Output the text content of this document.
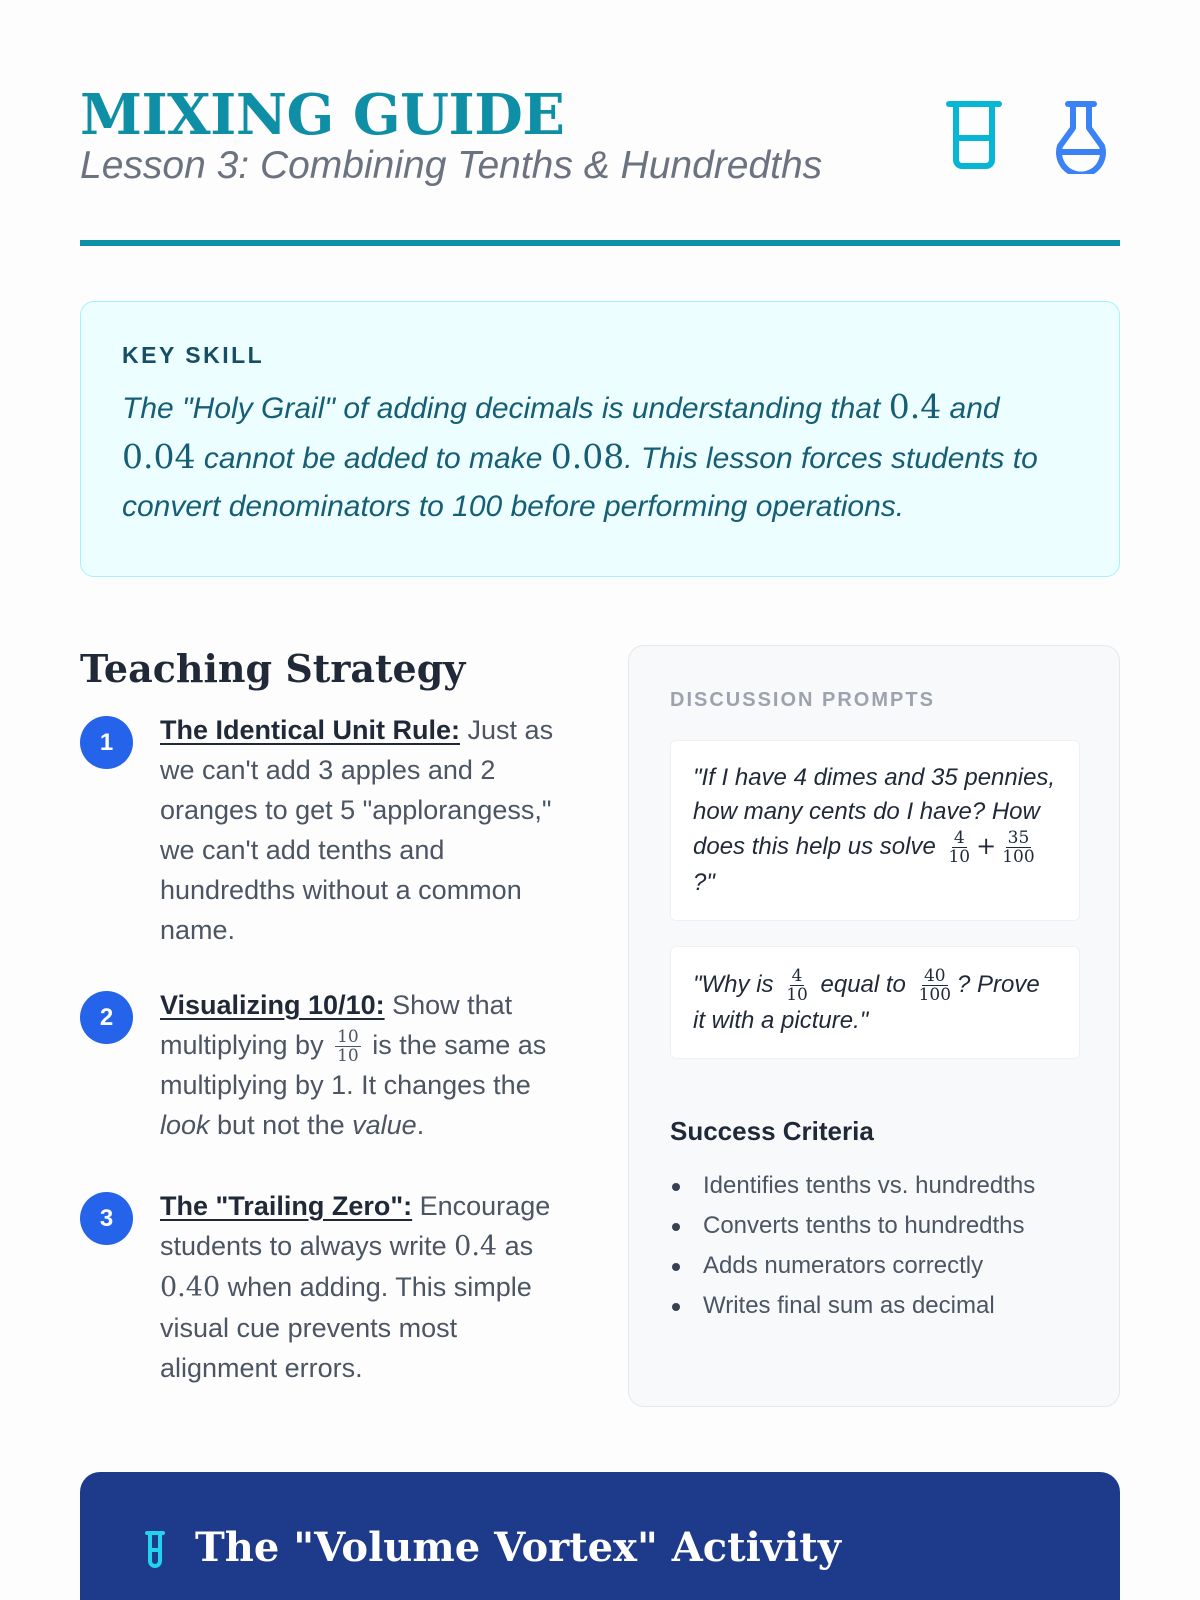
MIXING GUIDE
Lesson 3: Combining Tenths & Hundredths
KEY SKILL
The "Holy Grail" of adding decimals is understanding that 0.4 and
0.04 cannot be added to make 0.08. This lesson forces students to convert denominators to 100 before performing operations.
Teaching Strategy
1	The Identical Unit Rule: Just as we can't add 3 apples and 2 oranges to get 5 "applorangess," we can't add tenths and hundredths without a common name.
2	Visualizing 10/10: Show that multiplying by $\frac{10}{10}$ is the same as multiplying by 1. It changes the look but not the value.
3	The "Trailing Zero": Encourage students to always write 0.4 as 0.40 when adding. This simple visual cue prevents most alignment errors.
DISCUSSION PROMPTS
"If I have 4 dimes and 35 pennies, how many cents do I have? How does this help us solve $\frac{4}{10} + \frac{35}{100}$
?"
"Why is $\frac{4}{10}$ equal to $\frac{40}{100}$ ? Prove it with a picture."
Success Criteria
Identifies tenths vs. hundredths
Converts tenths to hundredths
Adds numerators correctly
Writes final sum as decimal
The "Volume Vortex" Activity
